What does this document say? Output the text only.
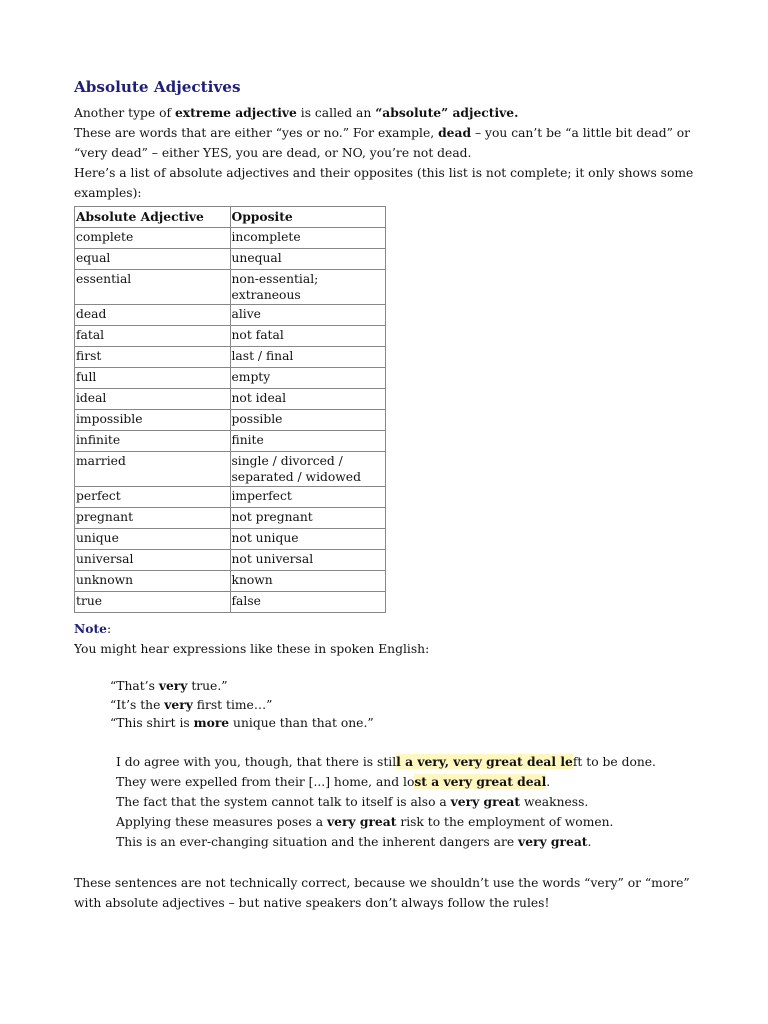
Absolute Adjectives

Another type of extreme adjective is called an “absolute” adjective.

These are words that are either “yes or no.” For example, dead – you can’t be “a little bit dead” or “very dead” – either YES, you are dead, or NO, you’re not dead.

Here’s a list of absolute adjectives and their opposites (this list is not complete; it only shows some examples):

Absolute Adjective	Opposite
complete	incomplete
equal	unequal
essential	non-essential; extraneous
dead	alive
fatal	not fatal
first	last / final
full	empty
ideal	not ideal
impossible	possible
infinite	finite
married	single / divorced / separated / widowed
perfect	imperfect
pregnant	not pregnant
unique	not unique
universal	not universal
unknown	known
true	false

Note:

You might hear expressions like these in spoken English:

“That’s very true.”

“It’s the very first time…”

“This shirt is more unique than that one.”

I do agree with you, though, that there is still a very, very great deal left to be done.

They were expelled from their [...] home, and lost a very great deal.

The fact that the system cannot talk to itself is also a very great weakness.

Applying these measures poses a very great risk to the employment of women.

This is an ever-changing situation and the inherent dangers are very great.

These sentences are not technically correct, because we shouldn’t use the words “very” or “more” with absolute adjectives – but native speakers don’t always follow the rules!
